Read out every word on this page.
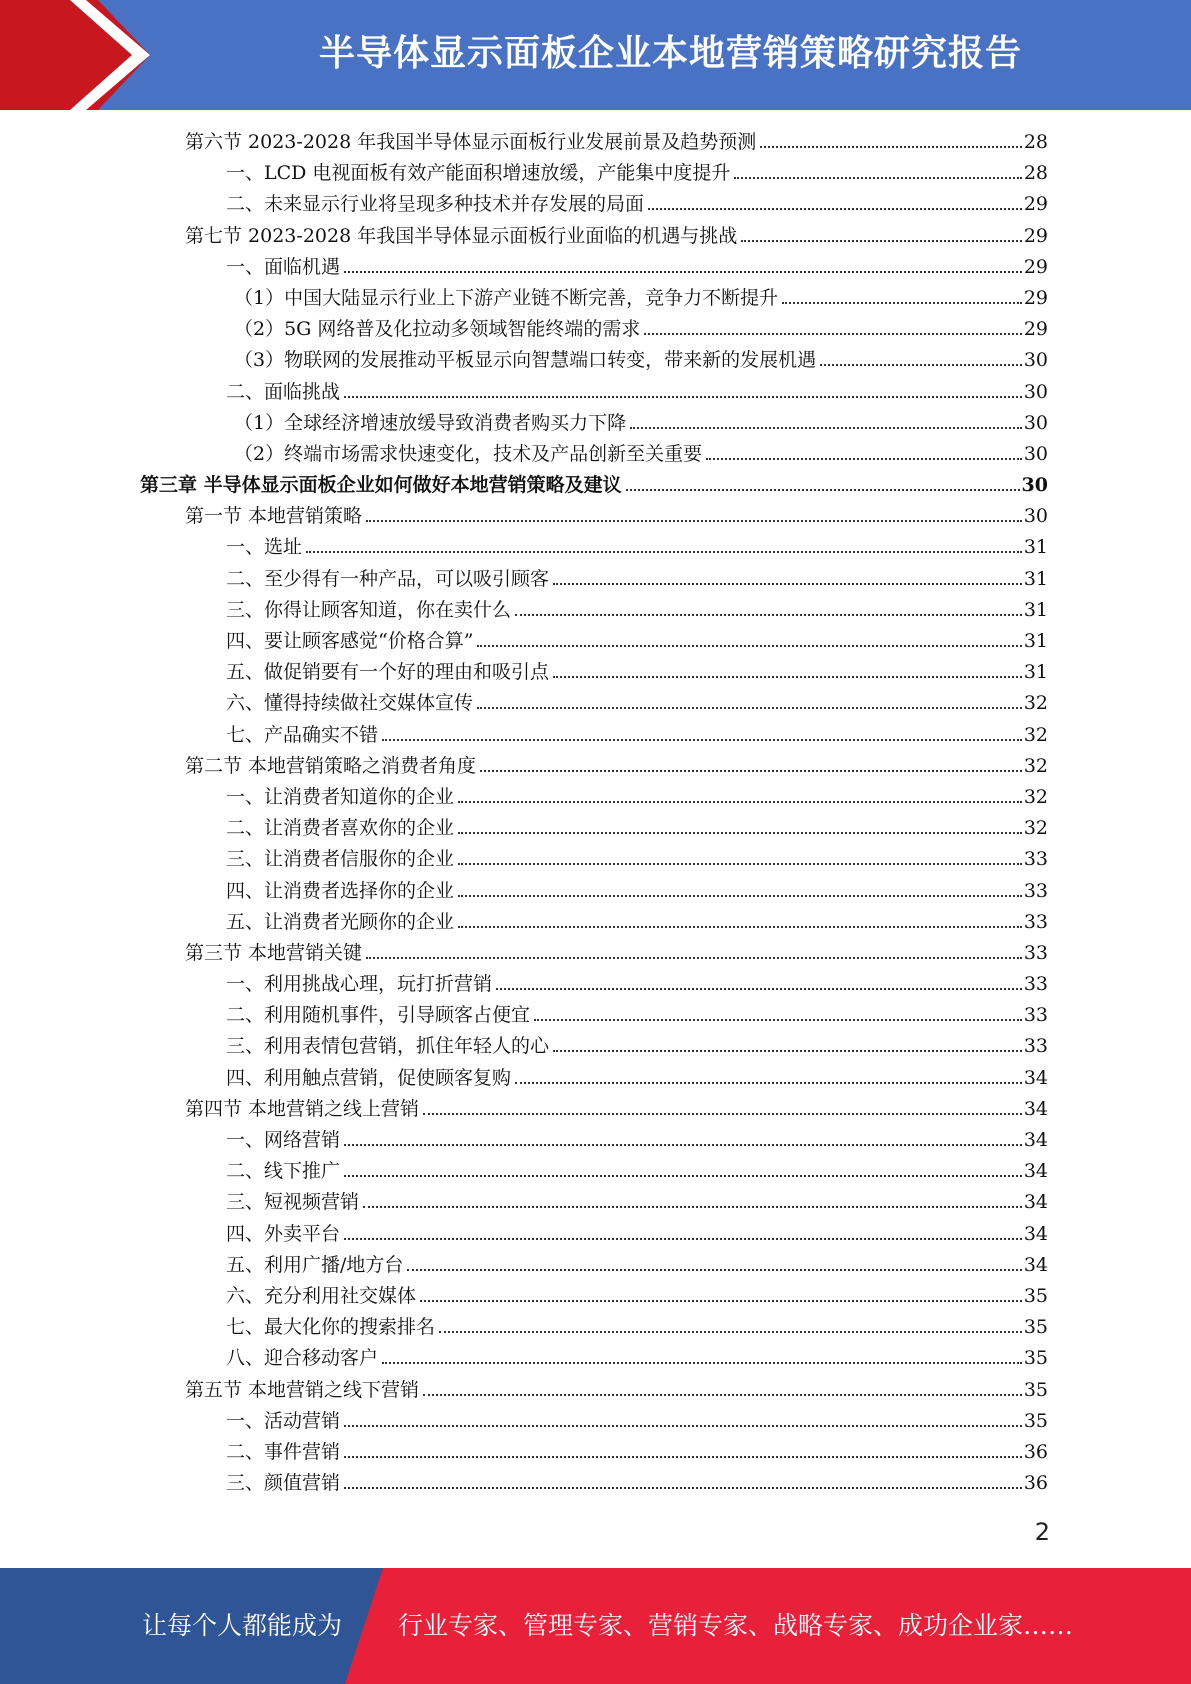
半导体显示面板企业本地营销策略研究报告
第六节 2023-2028 年我国半导体显示面板行业发展前景及趋势预测	28
一、LCD 电视面板有效产能面积增速放缓，产能集中度提升	28
二、未来显示行业将呈现多种技术并存发展的局面	29
第七节 2023-2028 年我国半导体显示面板行业面临的机遇与挑战	29
一、面临机遇	29
（1）中国大陆显示行业上下游产业链不断完善，竞争力不断提升	29
（2）5G 网络普及化拉动多领域智能终端的需求	29
（3）物联网的发展推动平板显示向智慧端口转变，带来新的发展机遇	30
二、面临挑战	30
（1）全球经济增速放缓导致消费者购买力下降	30
（2）终端市场需求快速变化，技术及产品创新至关重要	30
第三章 半导体显示面板企业如何做好本地营销策略及建议	30
第一节 本地营销策略	30
一、选址	31
二、至少得有一种产品，可以吸引顾客	31
三、你得让顾客知道，你在卖什么	31
四、要让顾客感觉“价格合算”	31
五、做促销要有一个好的理由和吸引点	31
六、懂得持续做社交媒体宣传	32
七、产品确实不错	32
第二节 本地营销策略之消费者角度	32
一、让消费者知道你的企业	32
二、让消费者喜欢你的企业	32
三、让消费者信服你的企业	33
四、让消费者选择你的企业	33
五、让消费者光顾你的企业	33
第三节 本地营销关键	33
一、利用挑战心理，玩打折营销	33
二、利用随机事件，引导顾客占便宜	33
三、利用表情包营销，抓住年轻人的心	33
四、利用触点营销，促使顾客复购	34
第四节 本地营销之线上营销	34
一、网络营销	34
二、线下推广	34
三、短视频营销	34
四、外卖平台	34
五、利用广播/地方台	34
六、充分利用社交媒体	35
七、最大化你的搜索排名	35
八、迎合移动客户	35
第五节 本地营销之线下营销	35
一、活动营销	35
二、事件营销	36
三、颜值营销	36
2
让每个人都能成为 行业专家、管理专家、营销专家、战略专家、成功企业家……
